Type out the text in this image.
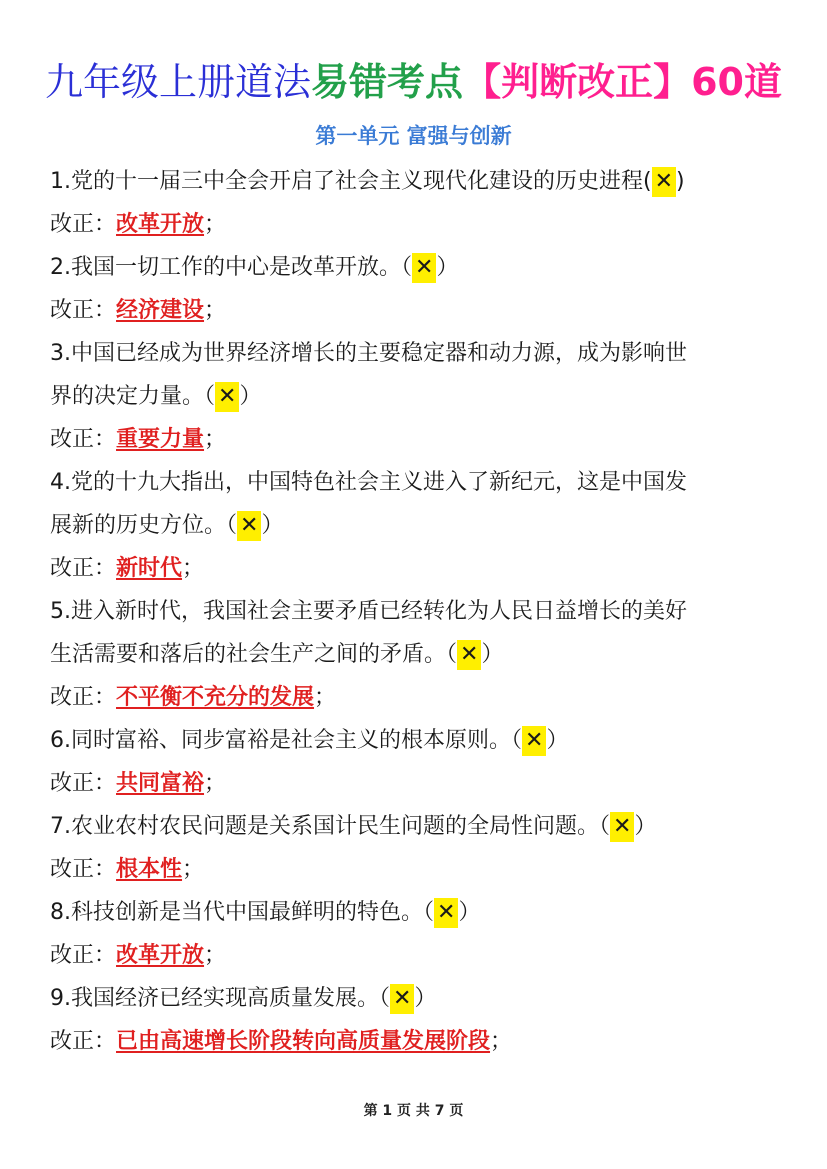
九年级上册道法易错考点【判断改正】60道
第一单元 富强与创新
1.党的十一届三中全会开启了社会主义现代化建设的历史进程( ✕ )
改正：改革开放；
2.我国一切工作的中心是改革开放。（ ✕ ）
改正：经济建设；
3.中国已经成为世界经济增长的主要稳定器和动力源，成为影响世
界的决定力量。（ ✕ ）
改正：重要力量；
4.党的十九大指出，中国特色社会主义进入了新纪元，这是中国发
展新的历史方位。（ ✕ ）
改正：新时代；
5.进入新时代，我国社会主要矛盾已经转化为人民日益增长的美好
生活需要和落后的社会生产之间的矛盾。（ ✕ ）
改正：不平衡不充分的发展；
6.同时富裕、同步富裕是社会主义的根本原则。（ ✕ ）
改正：共同富裕；
7.农业农村农民问题是关系国计民生问题的全局性问题。（ ✕ ）
改正：根本性；
8.科技创新是当代中国最鲜明的特色。（ ✕ ）
改正：改革开放；
9.我国经济已经实现高质量发展。（ ✕ ）
改正：已由高速增长阶段转向高质量发展阶段；
第 1 页 共 7 页
